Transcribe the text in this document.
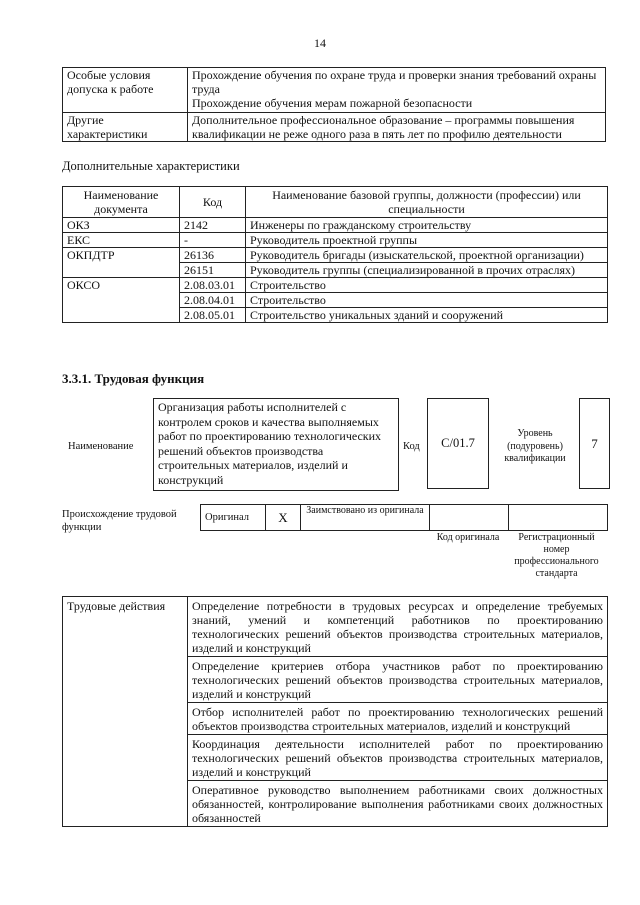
14
Особые условия допуска к работе	Прохождение обучения по охране труда и проверки знания требований охраны труда
Прохождение обучения мерам пожарной безопасности

Другие характеристики	Дополнительное профессиональное образование – программы повышения квалификации не реже одного раза в пять лет по профилю деятельности
Дополнительные характеристики
Наименование документа	Код	Наименование базовой группы, должности (профессии) или специальности
ОКЗ	2142	Инженеры по гражданскому строительству
ЕКС	-	Руководитель проектной группы
ОКПДТР	26136	Руководитель бригады (изыскательской, проектной организации)
	26151	Руководитель группы (специализированной в прочих отраслях)
ОКСО	2.08.03.01	Строительство
	2.08.04.01	Строительство
	2.08.05.01	Строительство уникальных зданий и сооружений
3.3.1. Трудовая функция
Наименование
Организация работы исполнителей с контролем сроков и качества выполняемых работ по проектированию технологических решений объектов производства строительных материалов, изделий и конструкций
Код	С/01.7
Уровень (подуровень) квалификации
7
Происхождение трудовой функции
Оригинал	X	Заимствовано из оригинала		
Код оригинала	Регистрационный номер профессионального стандарта
Трудовые действия	Определение потребности в трудовых ресурсах и определение требуемых знаний, умений и компетенций работников по проектированию технологических решений объектов производства строительных материалов, изделий и конструкций
Определение критериев отбора участников работ по проектированию технологических решений объектов производства строительных материалов, изделий и конструкций
Отбор исполнителей работ по проектированию технологических решений объектов производства строительных материалов, изделий и конструкций
Координация деятельности исполнителей работ по проектированию технологических решений объектов производства строительных материалов, изделий и конструкций
Оперативное руководство выполнением работниками своих должностных обязанностей, контролирование выполнения работниками своих должностных обязанностей
